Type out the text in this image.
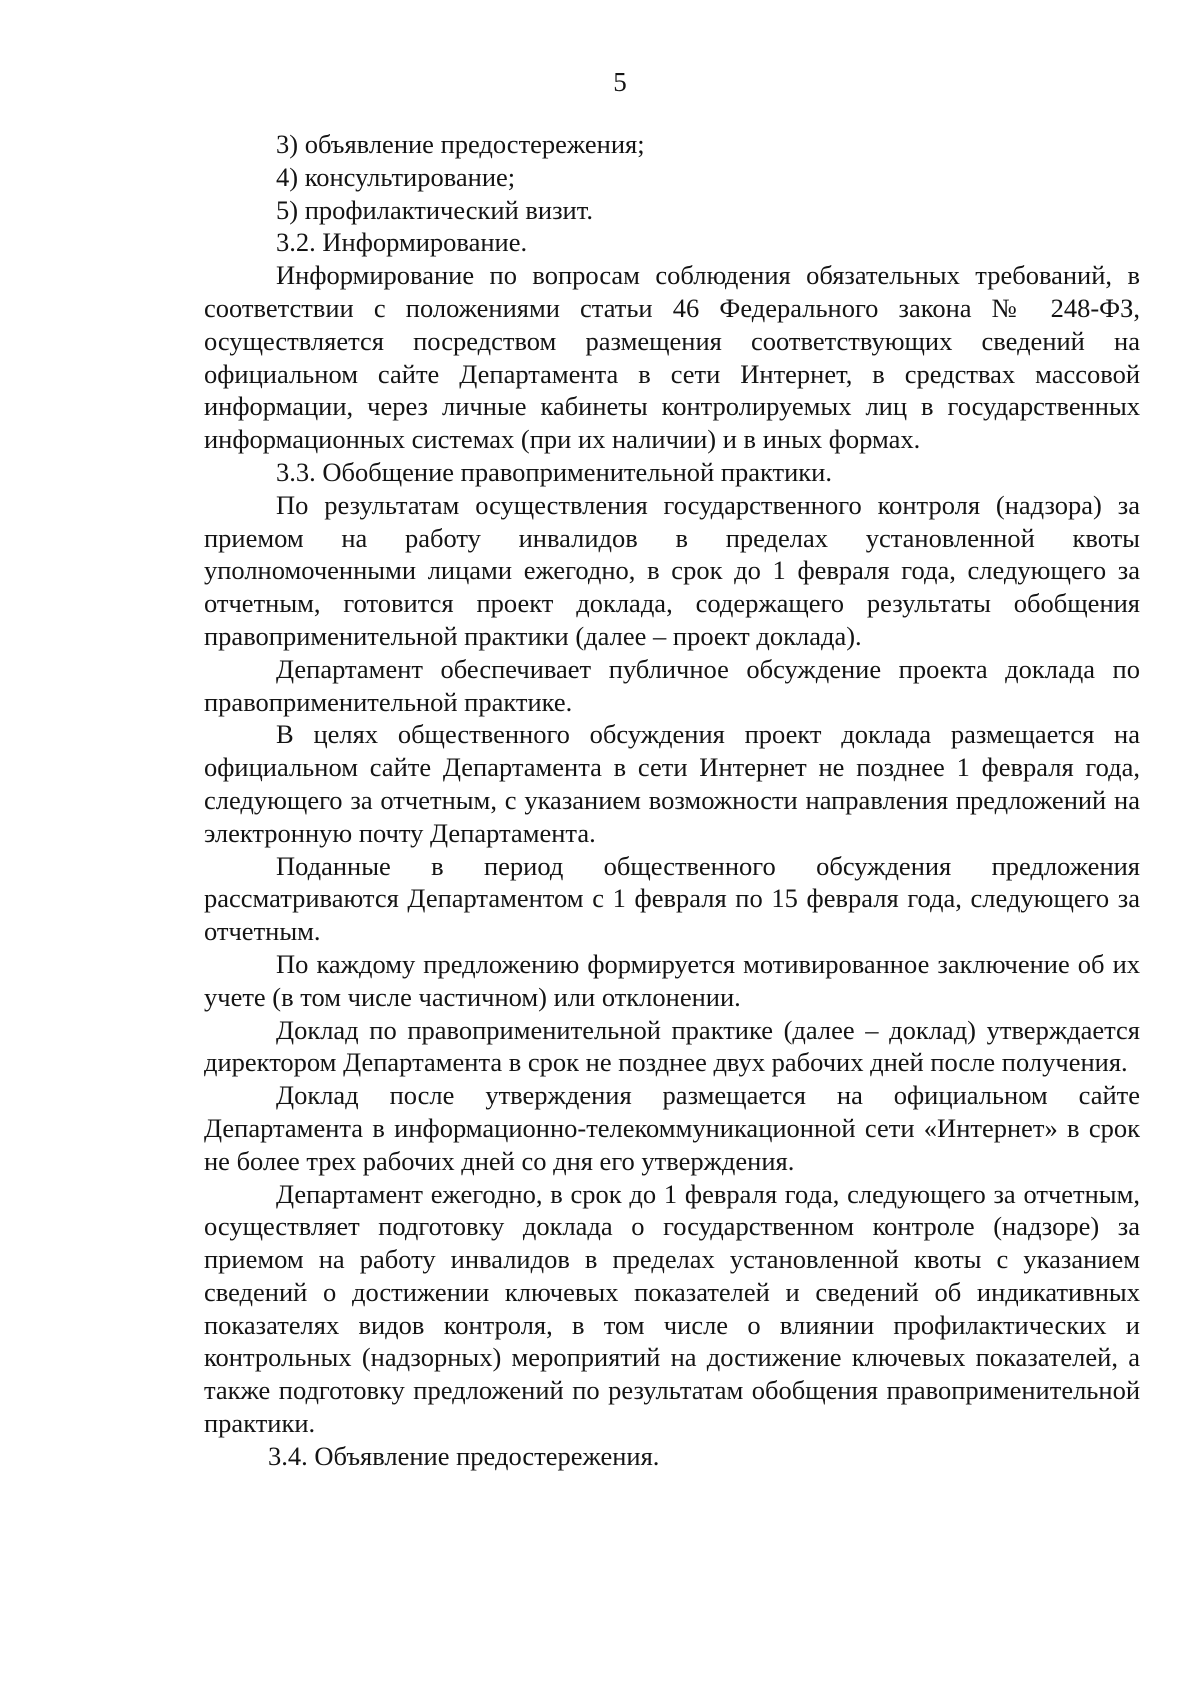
5

3) объявление предостережения;

4) консультирование;

5) профилактический визит.

3.2. Информирование.

Информирование по вопросам соблюдения обязательных требований, в соответствии с положениями статьи 46 Федерального закона № 248-ФЗ, осуществляется посредством размещения соответствующих сведений на официальном сайте Департамента в сети Интернет, в средствах массовой информации, через личные кабинеты контролируемых лиц в государственных информационных системах (при их наличии) и в иных формах.

3.3. Обобщение правоприменительной практики.

По результатам осуществления государственного контроля (надзора) за приемом на работу инвалидов в пределах установленной квоты уполномоченными лицами ежегодно, в срок до 1 февраля года, следующего за отчетным, готовится проект доклада, содержащего результаты обобщения правоприменительной практики (далее – проект доклада).

Департамент обеспечивает публичное обсуждение проекта доклада по правоприменительной практике.

В целях общественного обсуждения проект доклада размещается на официальном сайте Департамента в сети Интернет не позднее 1 февраля года, следующего за отчетным, с указанием возможности направления предложений на электронную почту Департамента.

Поданные в период общественного обсуждения предложения рассматриваются Департаментом с 1 февраля по 15 февраля года, следующего за отчетным.

По каждому предложению формируется мотивированное заключение об их учете (в том числе частичном) или отклонении.

Доклад по правоприменительной практике (далее – доклад) утверждается директором Департамента в срок не позднее двух рабочих дней после получения.

Доклад после утверждения размещается на официальном сайте Департамента в информационно-телекоммуникационной сети «Интернет» в срок не более трех рабочих дней со дня его утверждения.

Департамент ежегодно, в срок до 1 февраля года, следующего за отчетным, осуществляет подготовку доклада о государственном контроле (надзоре) за приемом на работу инвалидов в пределах установленной квоты с указанием сведений о достижении ключевых показателей и сведений об индикативных показателях видов контроля, в том числе о влиянии профилактических и контрольных (надзорных) мероприятий на достижение ключевых показателей, а также подготовку предложений по результатам обобщения правоприменительной практики.

3.4. Объявление предостережения.
